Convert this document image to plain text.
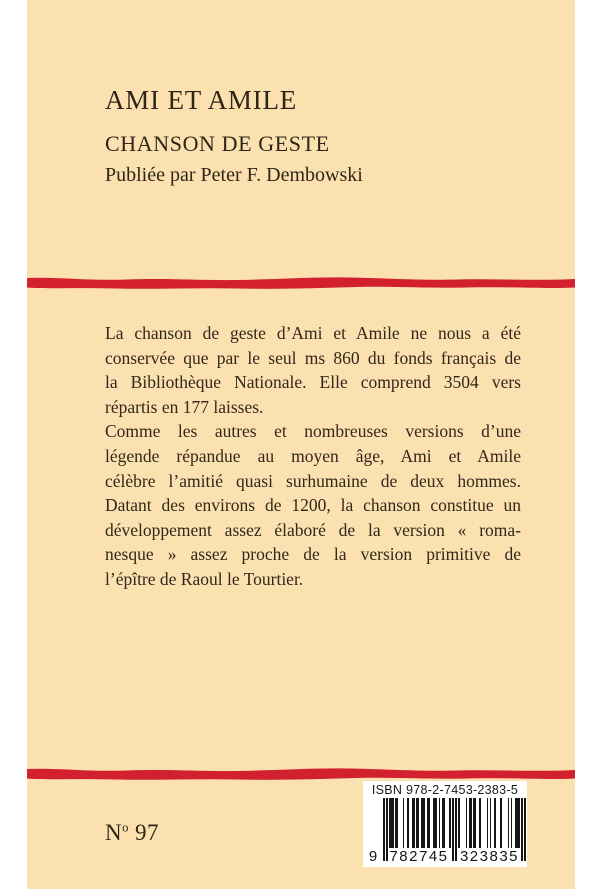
AMI ET AMILE
CHANSON DE GESTE
Publiée par Peter F. Dembowski
La chanson de geste d’Ami et Amile ne nous a été
conservée que par le seul ms 860 du fonds français de
la Bibliothèque Nationale. Elle comprend 3504 vers
répartis en 177 laisses.
Comme les autres et nombreuses versions d’une
légende répandue au moyen âge, Ami et Amile
célèbre l’amitié quasi surhumaine de deux hommes.
Datant des environs de 1200, la chanson constitue un
développement assez élaboré de la version « roma-
nesque » assez proche de la version primitive de
l’épître de Raoul le Tourtier.
ISBN 978-2-7453-2383-5
9 782745 323835
$N^o$ 97
